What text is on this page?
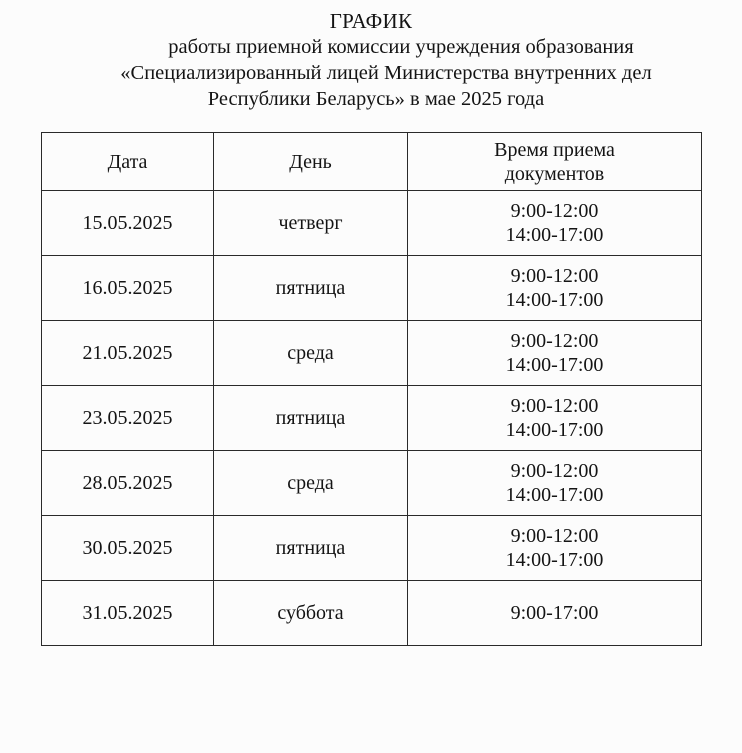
ГРАФИК
работы приемной комиссии учреждения образования
«Специализированный лицей Министерства внутренних дел
Республики Беларусь» в мае 2025 года
Дата	День	Время приема
документов

15.05.2025	четверг	9:00-12:00
14:00-17:00

16.05.2025	пятница	9:00-12:00
14:00-17:00

21.05.2025	среда	9:00-12:00
14:00-17:00

23.05.2025	пятница	9:00-12:00
14:00-17:00

28.05.2025	среда	9:00-12:00
14:00-17:00

30.05.2025	пятница	9:00-12:00
14:00-17:00

31.05.2025	суббота	9:00-17:00
